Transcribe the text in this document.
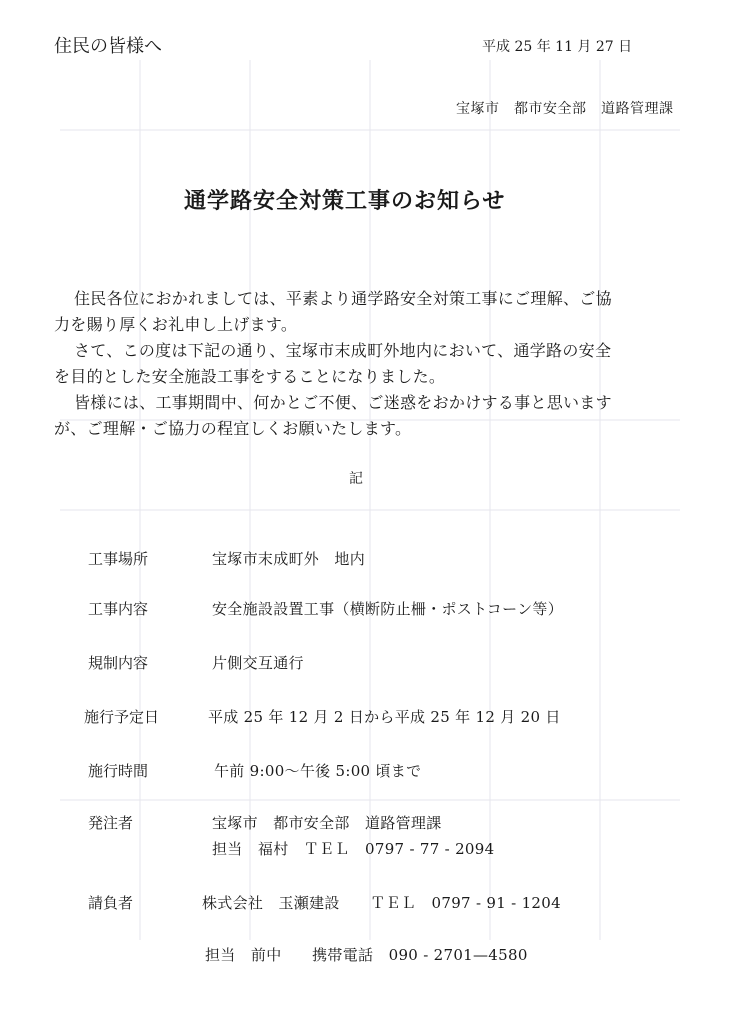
住民の皆様へ	平成 25 年 11 月 27 日
宝塚市　都市安全部　道路管理課
通学路安全対策工事のお知らせ
住民各位におかれましては、平素より通学路安全対策工事にご理解、ご協
力を賜り厚くお礼申し上げます。
さて、この度は下記の通り、宝塚市末成町外地内において、通学路の安全
を目的とした安全施設工事をすることになりました。
皆様には、工事期間中、何かとご不便、ご迷惑をおかけする事と思います
が、ご理解・ご協力の程宜しくお願いたします。
記
工事場所	宝塚市末成町外　地内
工事内容	安全施設設置工事（横断防止柵・ポストコーン等）
規制内容	片側交互通行
施行予定日	平成 25 年 12 月 2 日から平成 25 年 12 月 20 日
施行時間	午前 9:00～午後 5:00 頃まで
発注者	宝塚市　都市安全部　道路管理課
担当　福村　ＴＥＬ　0797 - 77 - 2094
請負者	株式会社　玉瀬建設　　ＴＥＬ　0797 - 91 - 1204
担当　前中　　携帯電話　090 - 2701—4580
